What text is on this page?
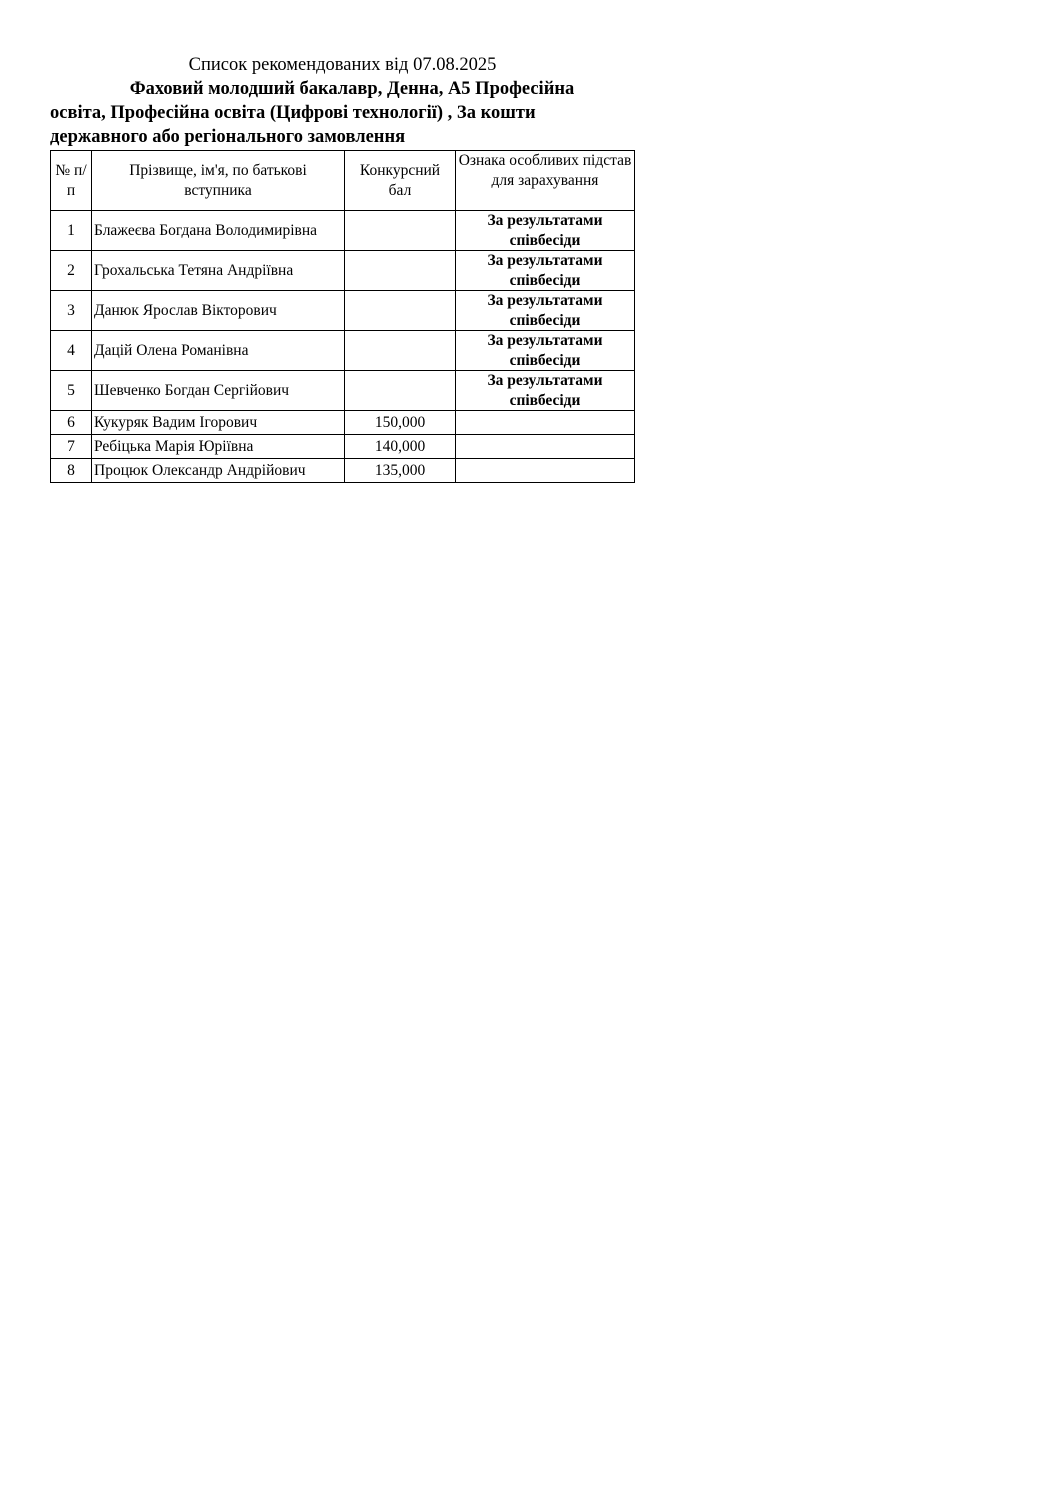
Список рекомендованих від 07.08.2025

Фаховий молодший бакалавр, Денна, A5 Професійна
освіта, Професійна освіта (Цифрові технології) , За кошти
державного або регіонального замовлення

№ п/п	Прізвище, ім'я, по батькові вступника	Конкурсний бал	Ознака особливих підстав для зарахування
1	Блажеєва Богдана Володимирівна		За результатами співбесіди
2	Грохальська Тетяна Андріївна		За результатами співбесіди
3	Данюк Ярослав Вікторович		За результатами співбесіди
4	Дацій Олена Романівна		За результатами співбесіди
5	Шевченко Богдан Сергійович		За результатами співбесіди
6	Кукуряк Вадим Ігорович	150,000	
7	Ребіцька Марія Юріївна	140,000	
8	Процюк Олександр Андрійович	135,000	
